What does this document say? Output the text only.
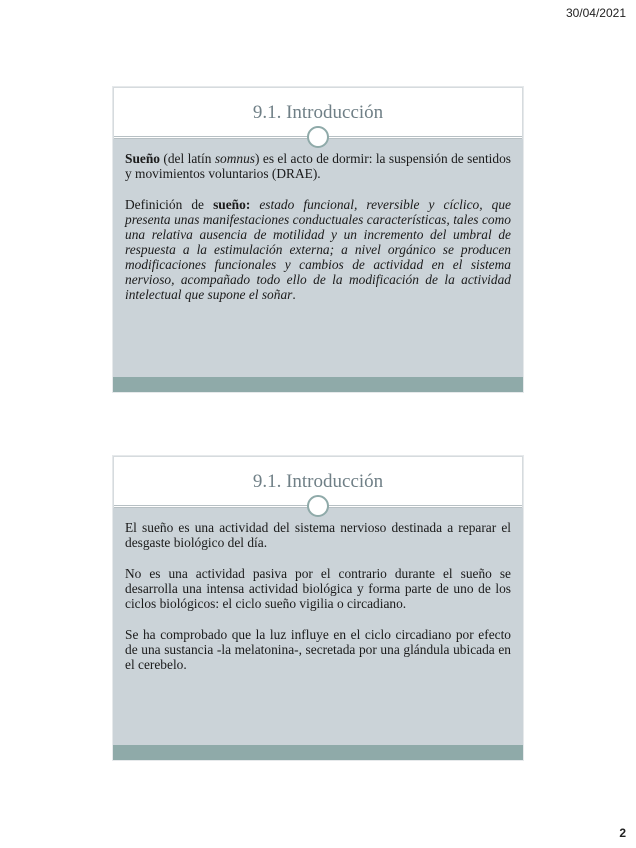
30/04/2021
9.1. Introducción

Sueño (del latín somnus) es el acto de dormir: la suspensión de sentidos y movimientos voluntarios (DRAE).

Definición de sueño: estado funcional, reversible y cíclico, que presenta unas manifestaciones conductuales características, tales como una relativa ausencia de motilidad y un incremento del umbral de respuesta a la estimulación externa; a nivel orgánico se producen modificaciones funcionales y cambios de actividad en el sistema nervioso, acompañado todo ello de la modificación de la actividad intelectual que supone el soñar.

9.1. Introducción

El sueño es una actividad del sistema nervioso destinada a reparar el desgaste biológico del día.

No es una actividad pasiva por el contrario durante el sueño se desarrolla una intensa actividad biológica y forma parte de uno de los ciclos biológicos: el ciclo sueño vigilia o circadiano.

Se ha comprobado que la luz influye en el ciclo circadiano por efecto de una sustancia -la melatonina-, secretada por una glándula ubicada en el cerebelo.

2
